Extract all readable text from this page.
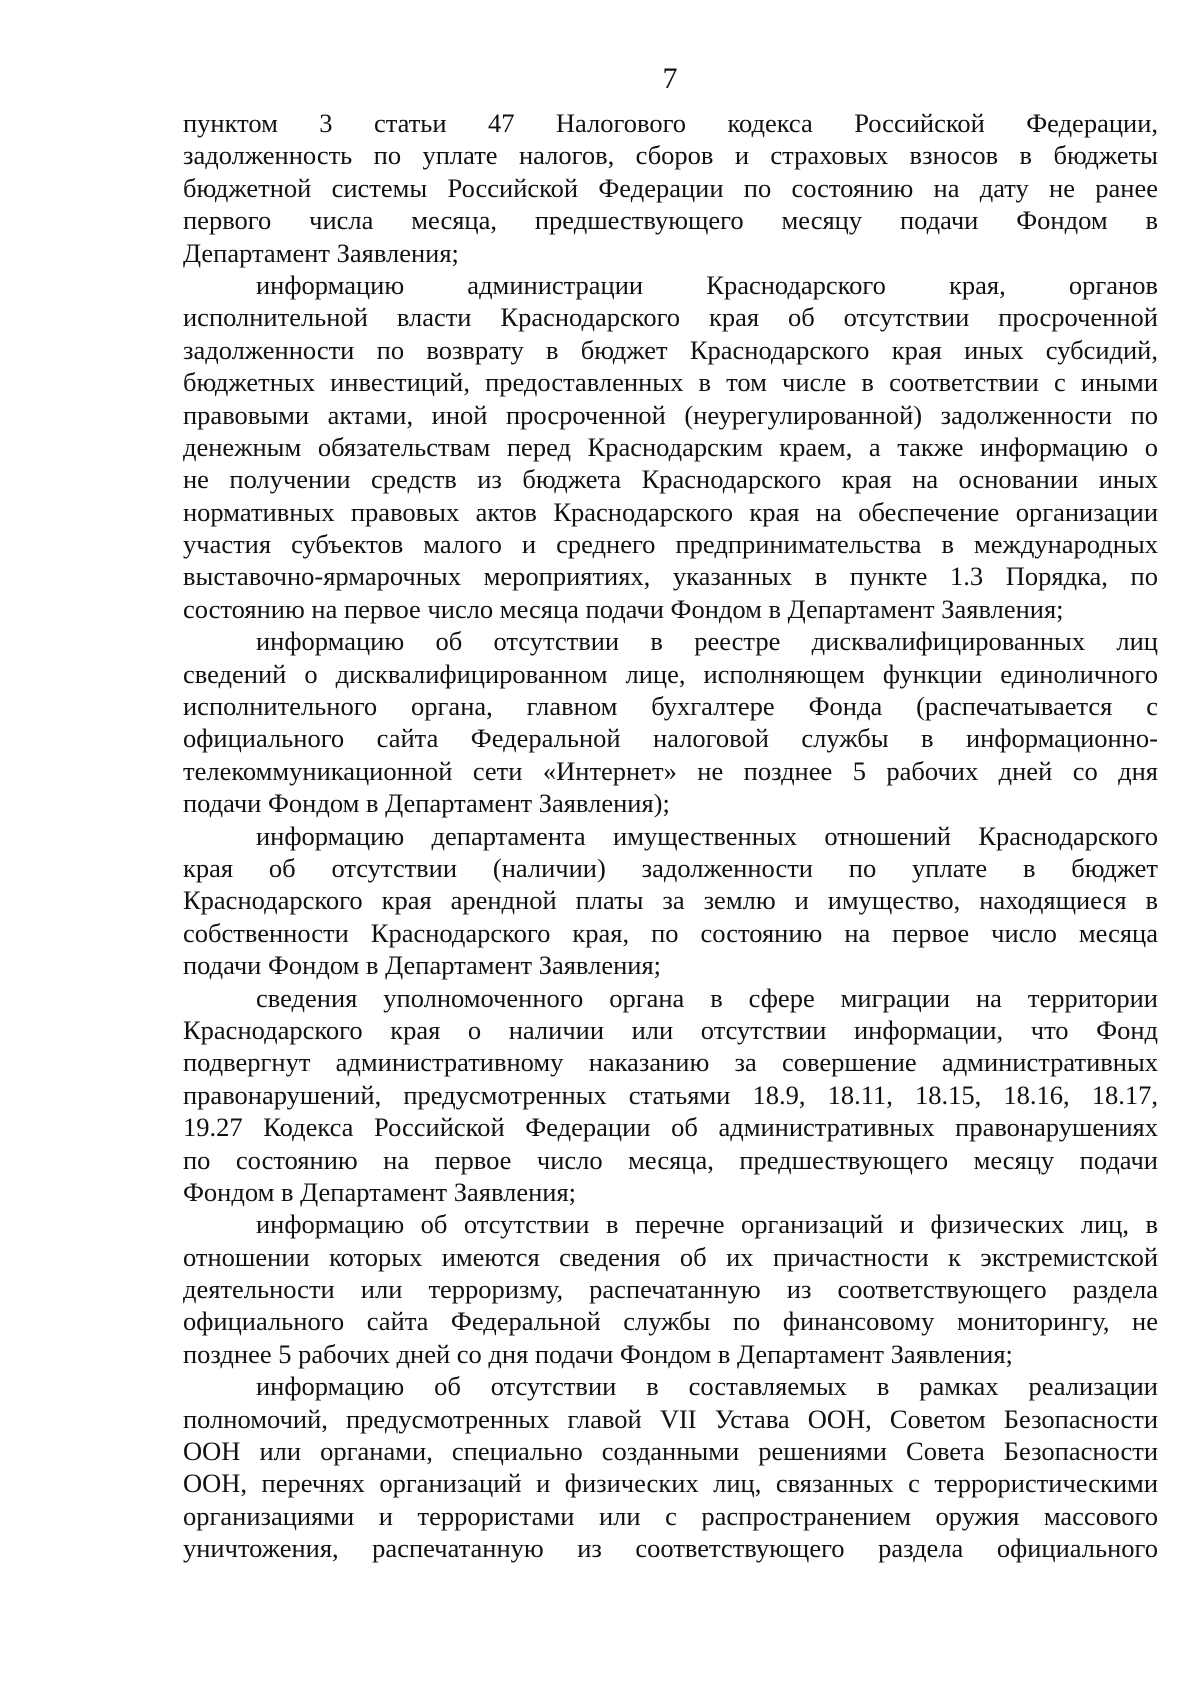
7
пунктом 3 статьи 47 Налогового кодекса Российской Федерации,
задолженность по уплате налогов, сборов и страховых взносов в бюджеты
бюджетной системы Российской Федерации по состоянию на дату не ранее
первого числа месяца, предшествующего месяцу подачи Фондом в
Департамент Заявления;
информацию администрации Краснодарского края, органов
исполнительной власти Краснодарского края об отсутствии просроченной
задолженности по возврату в бюджет Краснодарского края иных субсидий,
бюджетных инвестиций, предоставленных в том числе в соответствии с иными
правовыми актами, иной просроченной (неурегулированной) задолженности по
денежным обязательствам перед Краснодарским краем, а также информацию о
не получении средств из бюджета Краснодарского края на основании иных
нормативных правовых актов Краснодарского края на обеспечение организации
участия субъектов малого и среднего предпринимательства в международных
выставочно-ярмарочных мероприятиях, указанных в пункте 1.3 Порядка, по
состоянию на первое число месяца подачи Фондом в Департамент Заявления;
информацию об отсутствии в реестре дисквалифицированных лиц
сведений о дисквалифицированном лице, исполняющем функции единоличного
исполнительного органа, главном бухгалтере Фонда (распечатывается с
официального сайта Федеральной налоговой службы в информационно-
телекоммуникационной сети «Интернет» не позднее 5 рабочих дней со дня
подачи Фондом в Департамент Заявления);
информацию департамента имущественных отношений Краснодарского
края об отсутствии (наличии) задолженности по уплате в бюджет
Краснодарского края арендной платы за землю и имущество, находящиеся в
собственности Краснодарского края, по состоянию на первое число месяца
подачи Фондом в Департамент Заявления;
сведения уполномоченного органа в сфере миграции на территории
Краснодарского края о наличии или отсутствии информации, что Фонд
подвергнут административному наказанию за совершение административных
правонарушений, предусмотренных статьями 18.9, 18.11, 18.15, 18.16, 18.17,
19.27 Кодекса Российской Федерации об административных правонарушениях
по состоянию на первое число месяца, предшествующего месяцу подачи
Фондом в Департамент Заявления;
информацию об отсутствии в перечне организаций и физических лиц, в
отношении которых имеются сведения об их причастности к экстремистской
деятельности или терроризму, распечатанную из соответствующего раздела
официального сайта Федеральной службы по финансовому мониторингу, не
позднее 5 рабочих дней со дня подачи Фондом в Департамент Заявления;
информацию об отсутствии в составляемых в рамках реализации
полномочий, предусмотренных главой VII Устава ООН, Советом Безопасности
ООН или органами, специально созданными решениями Совета Безопасности
ООН, перечнях организаций и физических лиц, связанных с террористическими
организациями и террористами или с распространением оружия массового
уничтожения, распечатанную из соответствующего раздела официального
